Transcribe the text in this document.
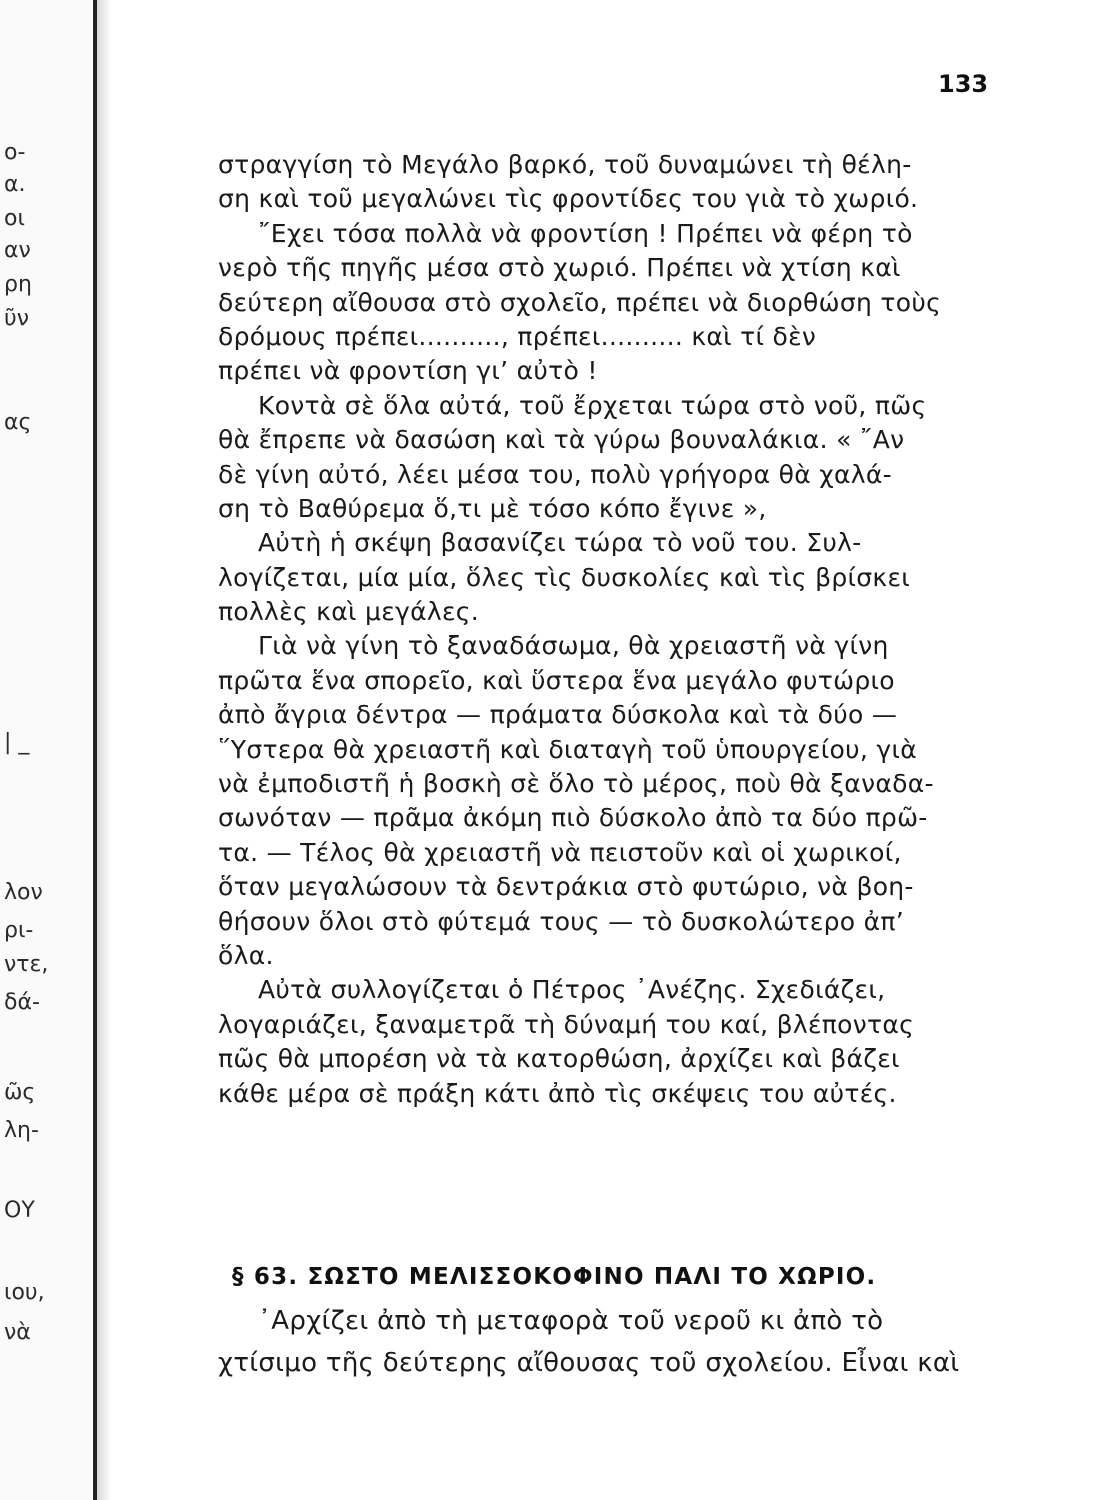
ο-
α.
οι
αν
ρη
ῦν
ας
| _
λον
ρι-
ντε,
δά-
ῶς
λη-
ΟΥ
ιου,
νὰ
133
στραγγίση τὸ Μεγάλο βαρκό, τοῦ δυναμώνει τὴ θέλη-
ση καὶ τοῦ μεγαλώνει τὶς φροντίδες του γιὰ τὸ χωριό.
῎Εχει τόσα πολλὰ νὰ φροντίση ! Πρέπει νὰ φέρη τὸ
νερὸ τῆς πηγῆς μέσα στὸ χωριό. Πρέπει νὰ χτίση καὶ
δεύτερη αἴθουσα στὸ σχολεῖο, πρέπει νὰ διορθώση τοὺς
δρόμους πρέπει.........., πρέπει.......... καὶ τί δὲν
πρέπει νὰ φροντίση γι’ αὐτὸ !
Κοντὰ σὲ ὅλα αὐτά, τοῦ ἔρχεται τώρα στὸ νοῦ, πῶς
θὰ ἔπρεπε νὰ δασώση καὶ τὰ γύρω βουναλάκια. « ῎Αν
δὲ γίνη αὐτό, λέει μέσα του, πολὺ γρήγορα θὰ χαλά-
ση τὸ Βαθύρεμα ὅ,τι μὲ τόσο κόπο ἔγινε »,
Αὐτὴ ἡ σκέψη βασανίζει τώρα τὸ νοῦ του. Συλ-
λογίζεται, μία μία, ὅλες τὶς δυσκολίες καὶ τὶς βρίσκει
πολλὲς καὶ μεγάλες.
Γιὰ νὰ γίνη τὸ ξαναδάσωμα, θὰ χρειαστῆ νὰ γίνη
πρῶτα ἕνα σπορεῖο, καὶ ὕστερα ἕνα μεγάλο φυτώριο
ἀπὸ ἄγρια δέντρα — πράματα δύσκολα καὶ τὰ δύο —
῞Υστερα θὰ χρειαστῆ καὶ διαταγὴ τοῦ ὑπουργείου, γιὰ
νὰ ἐμποδιστῆ ἡ βοσκὴ σὲ ὅλο τὸ μέρος, ποὺ θὰ ξαναδα-
σωνόταν — πρᾶμα ἀκόμη πιὸ δύσκολο ἀπὸ τα δύο πρῶ-
τα. — Τέλος θὰ χρειαστῆ νὰ πειστοῦν καὶ οἱ χωρικοί,
ὅταν μεγαλώσουν τὰ δεντράκια στὸ φυτώριο, νὰ βοη-
θήσουν ὅλοι στὸ φύτεμά τους — τὸ δυσκολώτερο ἀπ’
ὅλα.
Αὐτὰ συλλογίζεται ὁ Πέτρος ᾿Ανέζης. Σχεδιάζει,
λογαριάζει, ξαναμετρᾶ τὴ δύναμή του καί, βλέποντας
πῶς θὰ μπορέση νὰ τὰ κατορθώση, ἀρχίζει καὶ βάζει
κάθε μέρα σὲ πράξη κάτι ἀπὸ τὶς σκέψεις του αὐτές.
§ 63. ΣΩΣΤΟ ΜΕΛΙΣΣΟΚΟΦΙΝΟ ΠΑΛΙ ΤΟ ΧΩΡΙΟ.
᾿Αρχίζει ἀπὸ τὴ μεταφορὰ τοῦ νεροῦ κι ἀπὸ τὸ
χτίσιμο τῆς δεύτερης αἴθουσας τοῦ σχολείου. Εἶναι καὶ
